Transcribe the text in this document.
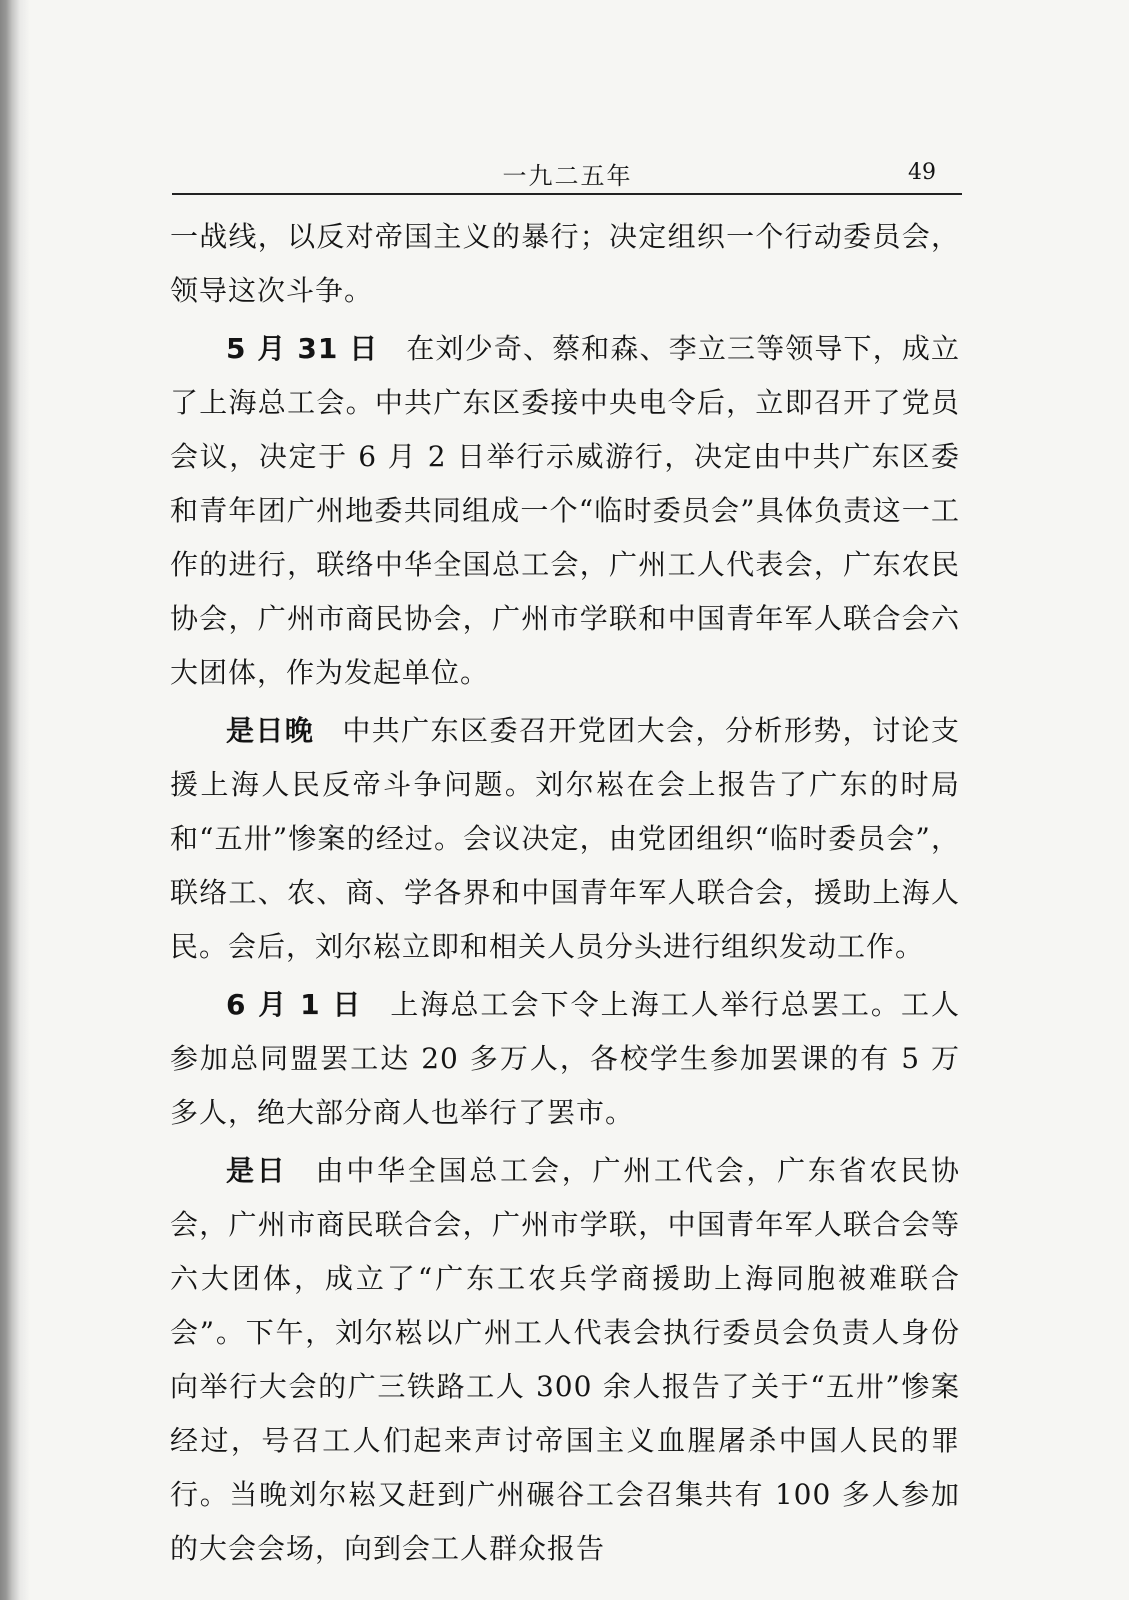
一九二五年	49

一战线，以反对帝国主义的暴行；决定组织一个行动委员会，领导这次斗争。

5 月 31 日 在刘少奇、蔡和森、李立三等领导下，成立了上海总工会。中共广东区委接中央电令后，立即召开了党员会议，决定于 6 月 2 日举行示威游行，决定由中共广东区委和青年团广州地委共同组成一个“临时委员会”具体负责这一工作的进行，联络中华全国总工会，广州工人代表会，广东农民协会，广州市商民协会，广州市学联和中国青年军人联合会六大团体，作为发起单位。

是日晚 中共广东区委召开党团大会，分析形势，讨论支援上海人民反帝斗争问题。刘尔崧在会上报告了广东的时局和“五卅”惨案的经过。会议决定，由党团组织“临时委员会”，联络工、农、商、学各界和中国青年军人联合会，援助上海人民。会后，刘尔崧立即和相关人员分头进行组织发动工作。

6 月 1 日 上海总工会下令上海工人举行总罢工。工人参加总同盟罢工达 20 多万人，各校学生参加罢课的有 5 万多人，绝大部分商人也举行了罢市。

是日 由中华全国总工会，广州工代会，广东省农民协会，广州市商民联合会，广州市学联，中国青年军人联合会等六大团体，成立了“广东工农兵学商援助上海同胞被难联合会”。下午，刘尔崧以广州工人代表会执行委员会负责人身份向举行大会的广三铁路工人 300 余人报告了关于“五卅”惨案经过，号召工人们起来声讨帝国主义血腥屠杀中国人民的罪行。当晚刘尔崧又赶到广州碾谷工会召集共有 100 多人参加的大会会场，向到会工人群众报告
